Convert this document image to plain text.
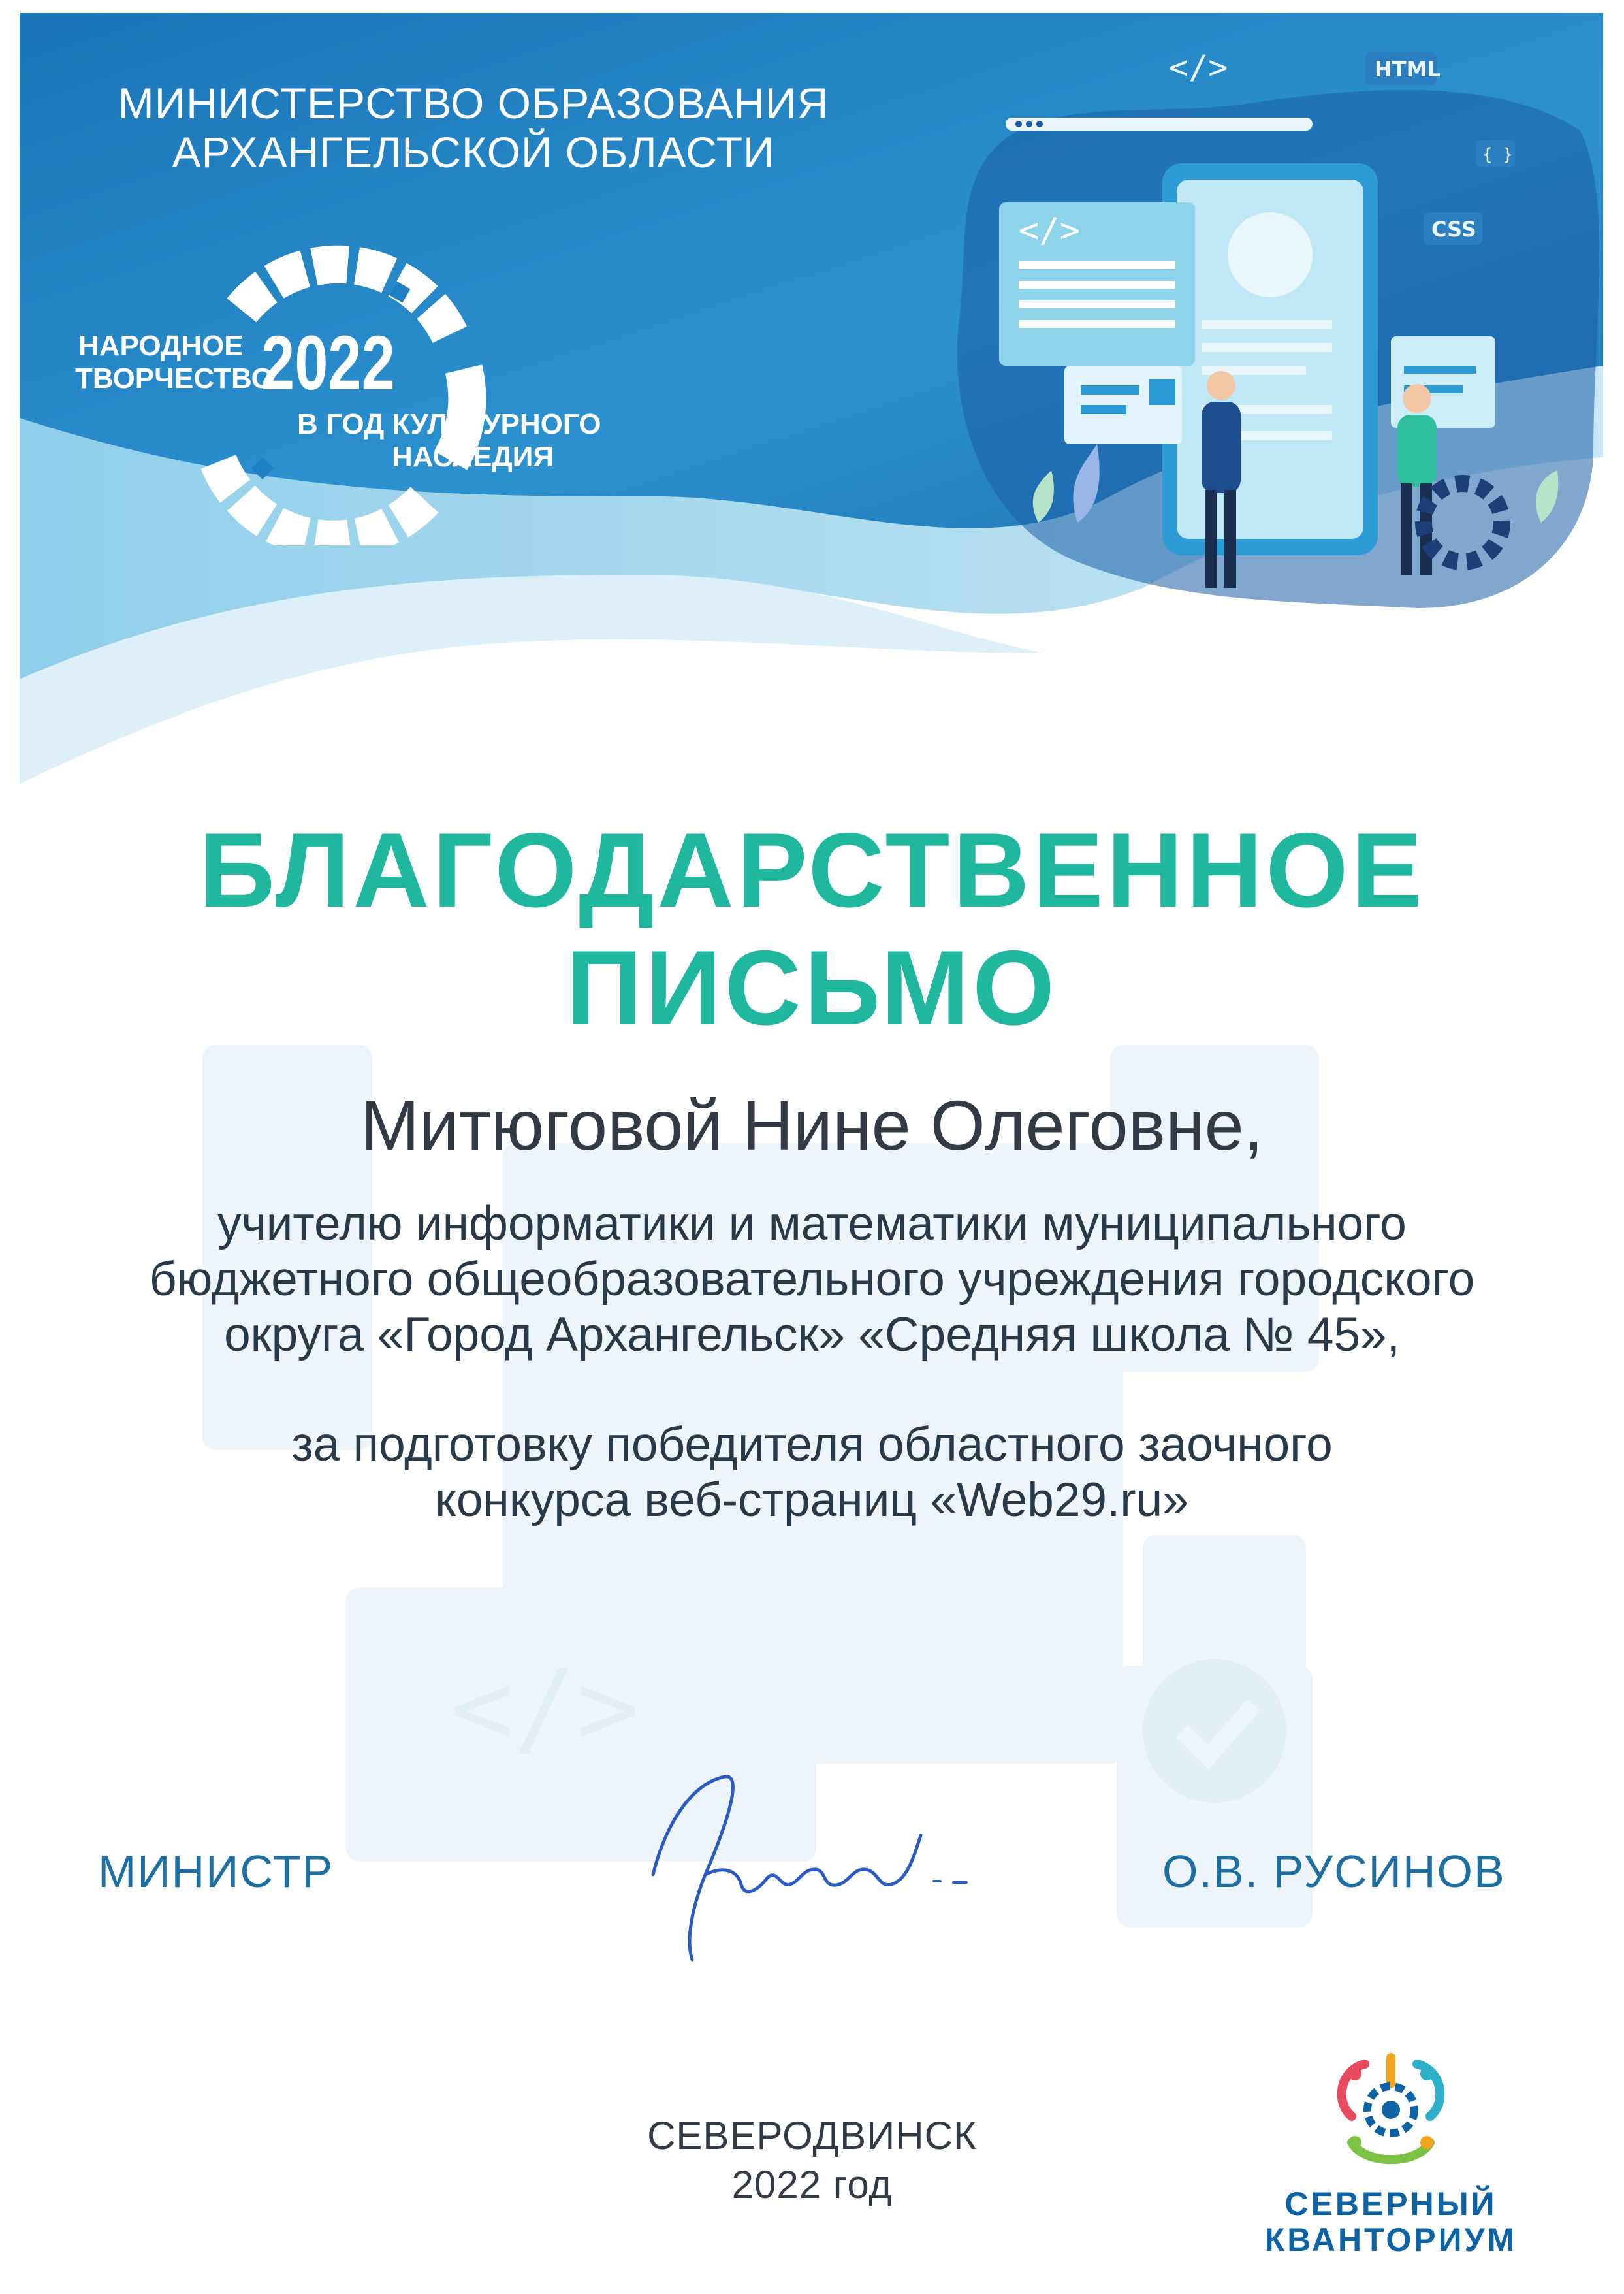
МИНИСТЕРСТВО ОБРАЗОВАНИЯ
АРХАНГЕЛЬСКОЙ ОБЛАСТИ
НАРОДНОЕ
ТВОРЧЕСТВО
2022
В ГОД КУЛЬТУРНОГО
НАСЛЕДИЯ
</>
</>	HTML
{ }
CSS
</>
БЛАГОДАРСТВЕННОЕ
ПИСЬМО
Митюговой Нине Олеговне,
учителю информатики и математики муниципального
бюджетного общеобразовательного учреждения городского
округа «Город Архангельск» «Средняя школа № 45»,
за подготовку победителя областного заочного
конкурса веб-страниц «Web29.ru»
МИНИСТР	О.В. РУСИНОВ
СЕВЕРОДВИНСК
2022 год	СЕВЕРНЫЙ
КВАНТОРИУМ
